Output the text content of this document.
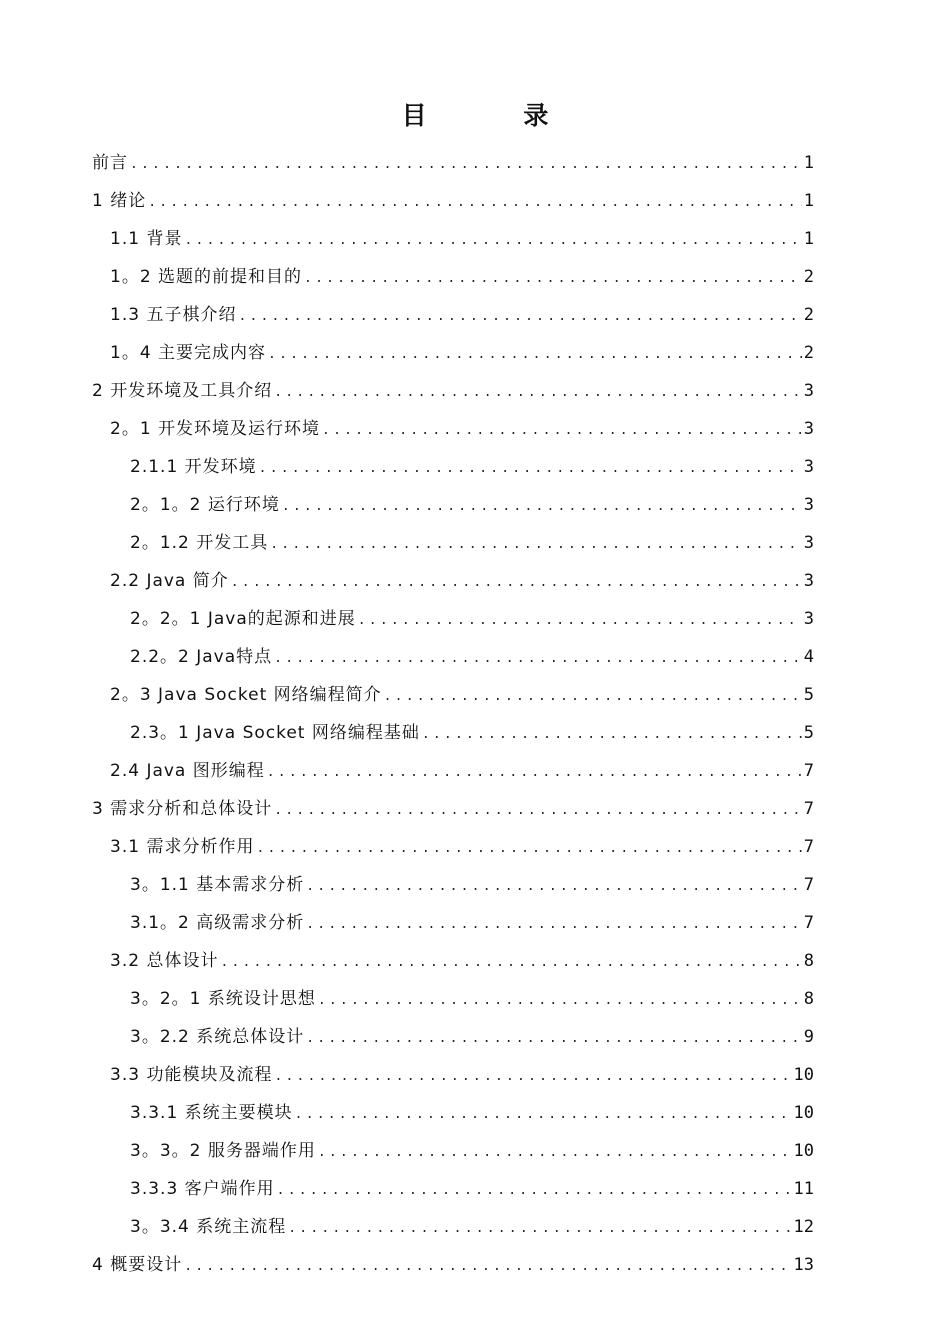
目 录
前言 .....	1
1 绪论 .....	1
1.1 背景 .....	1
1。2 选题的前提和目的 .....	2
1.3 五子棋介绍 .....	2
1。4 主要完成内容 .....	2
2 开发环境及工具介绍 .....	3
2。1 开发环境及运行环境 .....	3
2.1.1 开发环境 .....	3
2。1。2 运行环境 .....	3
2。1.2 开发工具 .....	3
2.2 Java 简介 .....	3
2。2。1 Java的起源和进展 .....	3
2.2。2 Java特点 .....	4
2。3 Java Socket 网络编程简介 .....	5
2.3。1 Java Socket 网络编程基础 .....	5
2.4 Java 图形编程 .....	7
3 需求分析和总体设计 .....	7
3.1 需求分析作用 .....	7
3。1.1 基本需求分析 .....	7
3.1。2 高级需求分析 .....	7
3.2 总体设计 .....	8
3。2。1 系统设计思想 .....	8
3。2.2 系统总体设计 .....	9
3.3 功能模块及流程 .....	10
3.3.1 系统主要模块 .....	10
3。3。2 服务器端作用 .....	10
3.3.3 客户端作用 .....	11
3。3.4 系统主流程 .....	12
4 概要设计 .....	13
